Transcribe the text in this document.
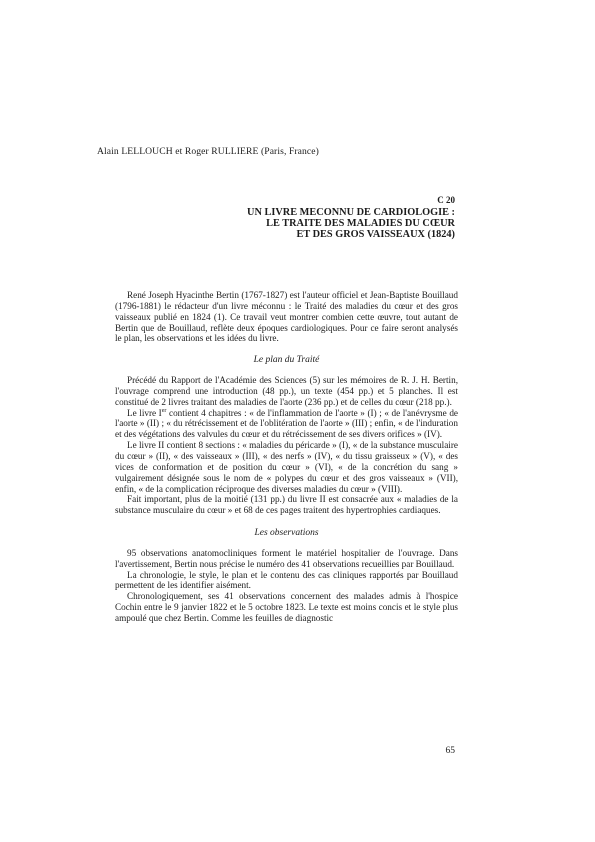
Alain LELLOUCH et Roger RULLIERE (Paris, France)
C 20
UN LIVRE MECONNU DE CARDIOLOGIE :
LE TRAITE DES MALADIES DU CŒUR
ET DES GROS VAISSEAUX (1824)

René Joseph Hyacinthe Bertin (1767-1827) est l'auteur officiel et Jean-Baptiste Bouillaud (1796-1881) le rédacteur d'un livre méconnu : le Traité des maladies du cœur et des gros vaisseaux publié en 1824 (1). Ce travail veut montrer combien cette œuvre, tout autant de Bertin que de Bouillaud, reflète deux époques cardiologiques. Pour ce faire seront analysés le plan, les observations et les idées du livre.

Le plan du Traité

Précédé du Rapport de l'Académie des Sciences (5) sur les mémoires de R. J. H. Bertin, l'ouvrage comprend une introduction (48 pp.), un texte (454 pp.) et 5 planches. Il est constitué de 2 livres traitant des maladies de l'aorte (236 pp.) et de celles du cœur (218 pp.).

Le livre Ier contient 4 chapitres : « de l'inflammation de l'aorte » (I) ; « de l'anévrysme de l'aorte » (II) ; « du rétrécissement et de l'oblitération de l'aorte » (III) ; enfin, « de l'induration et des végétations des valvules du cœur et du rétrécissement de ses divers orifices » (IV).

Le livre II contient 8 sections : « maladies du péricarde » (I), « de la substance musculaire du cœur » (II), « des vaisseaux » (III), « des nerfs » (IV), « du tissu graisseux » (V), « des vices de conformation et de position du cœur » (VI), « de la concrétion du sang » vulgairement désignée sous le nom de « polypes du cœur et des gros vaisseaux » (VII), enfin, « de la complication réciproque des diverses maladies du cœur » (VIII).

Fait important, plus de la moitié (131 pp.) du livre II est consacrée aux « maladies de la substance musculaire du cœur » et 68 de ces pages traitent des hypertrophies cardiaques.

Les observations

95 observations anatomocliniques forment le matériel hospitalier de l'ouvrage. Dans l'avertissement, Bertin nous précise le numéro des 41 observations recueillies par Bouillaud.

La chronologie, le style, le plan et le contenu des cas cliniques rapportés par Bouillaud permettent de les identifier aisément.

Chronologiquement, ses 41 observations concernent des malades admis à l'hospice Cochin entre le 9 janvier 1822 et le 5 octobre 1823. Le texte est moins concis et le style plus ampoulé que chez Bertin. Comme les feuilles de diagnostic

65
